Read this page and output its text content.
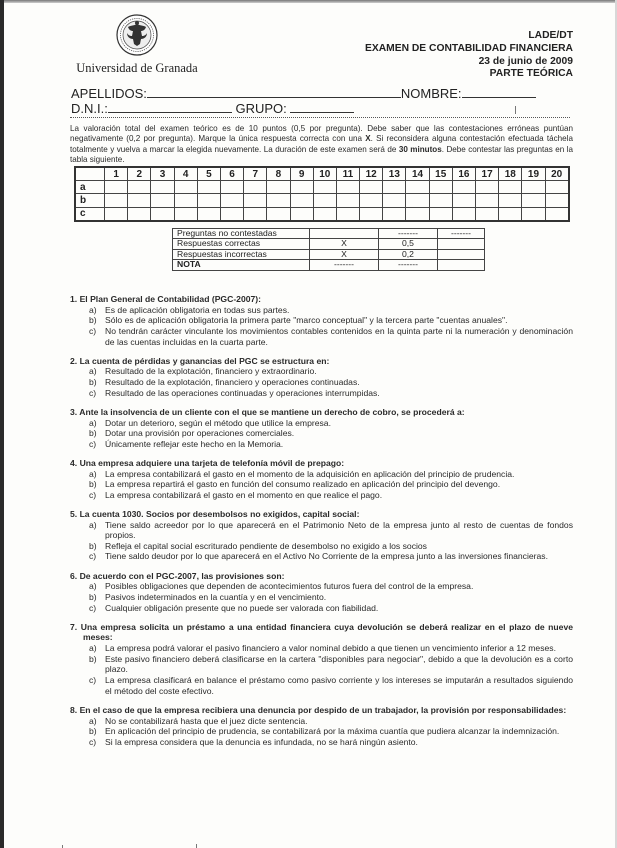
Universidad de Granada
LADE/DT
EXAMEN DE CONTABILIDAD FINANCIERA
23 de junio de 2009
PARTE TEÓRICA
APELLIDOS:	NOMBRE:
D.N.I.:	GRUPO:
La valoración total del examen teórico es de 10 puntos (0,5 por pregunta). Debe saber que las contestaciones erróneas puntúan negativamente (0,2 por pregunta). Marque la única respuesta correcta con una X. Si reconsidera alguna contestación efectuada táchela totalmente y vuelva a marcar la elegida nuevamente. La duración de este examen será de 30 minutos. Debe contestar las preguntas en la tabla siguiente.
	1	2	3	4	5	6	7	8	9	10	11	12	13	14	15	16	17	18	19	20
a																				
b																				
c																				
Preguntas no contestadas		-------	-------
Respuestas correctas	X	0,5	
Respuestas incorrectas	X	0,2	
NOTA	-------	-------	
1. El Plan General de Contabilidad (PGC-2007):
a) Es de aplicación obligatoria en todas sus partes.
b) Sólo es de aplicación obligatoria la primera parte "marco conceptual" y la tercera parte "cuentas anuales".
c)	No tendrán carácter vinculante los movimientos contables contenidos en la quinta parte ni la numeración y denominación de las cuentas incluidas en la cuarta parte.
2. La cuenta de pérdidas y ganancias del PGC se estructura en:
a) Resultado de la explotación, financiero y extraordinario.
b) Resultado de la explotación, financiero y operaciones continuadas.
c)	Resultado de las operaciones continuadas y operaciones interrumpidas.
3. Ante la insolvencia de un cliente con el que se mantiene un derecho de cobro, se procederá a:
a) Dotar un deterioro, según el método que utilice la empresa.
b) Dotar una provisión por operaciones comerciales.
c)	Únicamente reflejar este hecho en la Memoria.
4. Una empresa adquiere una tarjeta de telefonía móvil de prepago:
a) La empresa contabilizará el gasto en el momento de la adquisición en aplicación del principio de prudencia.
b) La empresa repartirá el gasto en función del consumo realizado en aplicación del principio del devengo.
c)	La empresa contabilizará el gasto en el momento en que realice el pago.
5. La cuenta 1030. Socios por desembolsos no exigidos, capital social:
a) Tiene saldo acreedor por lo que aparecerá en el Patrimonio Neto de la empresa junto al resto de cuentas de fondos propios.
b) Refleja el capital social escriturado pendiente de desembolso no exigido a los socios
c)	Tiene saldo deudor por lo que aparecerá en el Activo No Corriente de la empresa junto a las inversiones financieras.
6. De acuerdo con el PGC-2007, las provisiones son:
a) Posibles obligaciones que dependen de acontecimientos futuros fuera del control de la empresa.
b) Pasivos indeterminados en la cuantía y en el vencimiento.
c)	Cualquier obligación presente que no puede ser valorada con fiabilidad.
7. Una empresa solicita un préstamo a una entidad financiera cuya devolución se deberá realizar en el plazo de nueve meses:
a) La empresa podrá valorar el pasivo financiero a valor nominal debido a que tienen un vencimiento inferior a 12 meses.
b) Este pasivo financiero deberá clasificarse en la cartera "disponibles para negociar", debido a que la devolución es a corto plazo.
c)	La empresa clasificará en balance el préstamo como pasivo corriente y los intereses se imputarán a resultados siguiendo el método del coste efectivo.
8. En el caso de que la empresa recibiera una denuncia por despido de un trabajador, la provisión por responsabilidades:
a) No se contabilizará hasta que el juez dicte sentencia.
b) En aplicación del principio de prudencia, se contabilizará por la máxima cuantía que pudiera alcanzar la indemnización.
c)	Si la empresa considera que la denuncia es infundada, no se hará ningún asiento.
